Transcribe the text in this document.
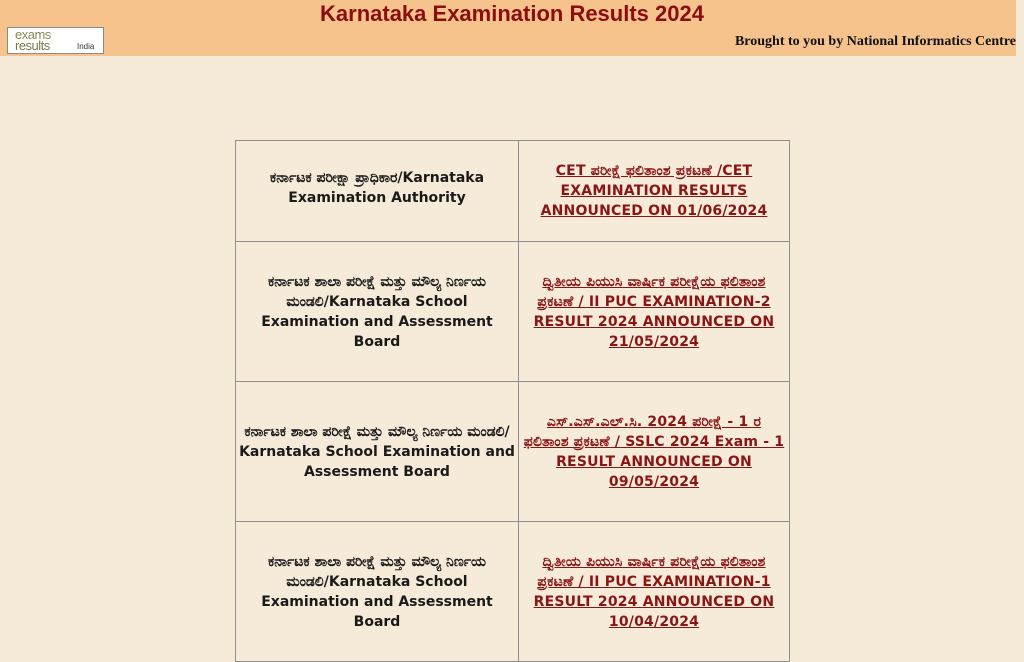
Karnataka Examination Results 2024
exams
results	India	Brought to you by National Informatics Centre
ಕರ್ನಾಟಕ ಪರೀಕ್ಷಾ ಪ್ರಾಧಿಕಾರ/Karnataka Examination Authority	CET ಪರೀಕ್ಷೆ ಫಲಿತಾಂಶ ಪ್ರಕಟಣೆ /CET EXAMINATION RESULTS ANNOUNCED ON 01/06/2024
ಕರ್ನಾಟಕ ಶಾಲಾ ಪರೀಕ್ಷೆ ಮತ್ತು ಮೌಲ್ಯ ನಿರ್ಣಯ ಮಂಡಲಿ/Karnataka School Examination and Assessment Board	ದ್ವಿತೀಯ ಪಿಯುಸಿ ವಾರ್ಷಿಕ ಪರೀಕ್ಷೆಯ ಫಲಿತಾಂಶ ಪ್ರಕಟಣೆ / II PUC EXAMINATION-2 RESULT 2024 ANNOUNCED ON 21/05/2024
ಕರ್ನಾಟಕ ಶಾಲಾ ಪರೀಕ್ಷೆ ಮತ್ತು ಮೌಲ್ಯ ನಿರ್ಣಯ ಮಂಡಲಿ/ Karnataka School Examination and Assessment Board	ಎಸ್.ಎಸ್.ಎಲ್.ಸಿ. 2024 ಪರೀಕ್ಷೆ - 1 ರ ಫಲಿತಾಂಶ ಪ್ರಕಟಣೆ / SSLC 2024 Exam - 1 RESULT ANNOUNCED ON 09/05/2024
ಕರ್ನಾಟಕ ಶಾಲಾ ಪರೀಕ್ಷೆ ಮತ್ತು ಮೌಲ್ಯ ನಿರ್ಣಯ ಮಂಡಲಿ/Karnataka School Examination and Assessment Board	ದ್ವಿತೀಯ ಪಿಯುಸಿ ವಾರ್ಷಿಕ ಪರೀಕ್ಷೆಯ ಫಲಿತಾಂಶ ಪ್ರಕಟಣೆ / II PUC EXAMINATION-1 RESULT 2024 ANNOUNCED ON 10/04/2024
